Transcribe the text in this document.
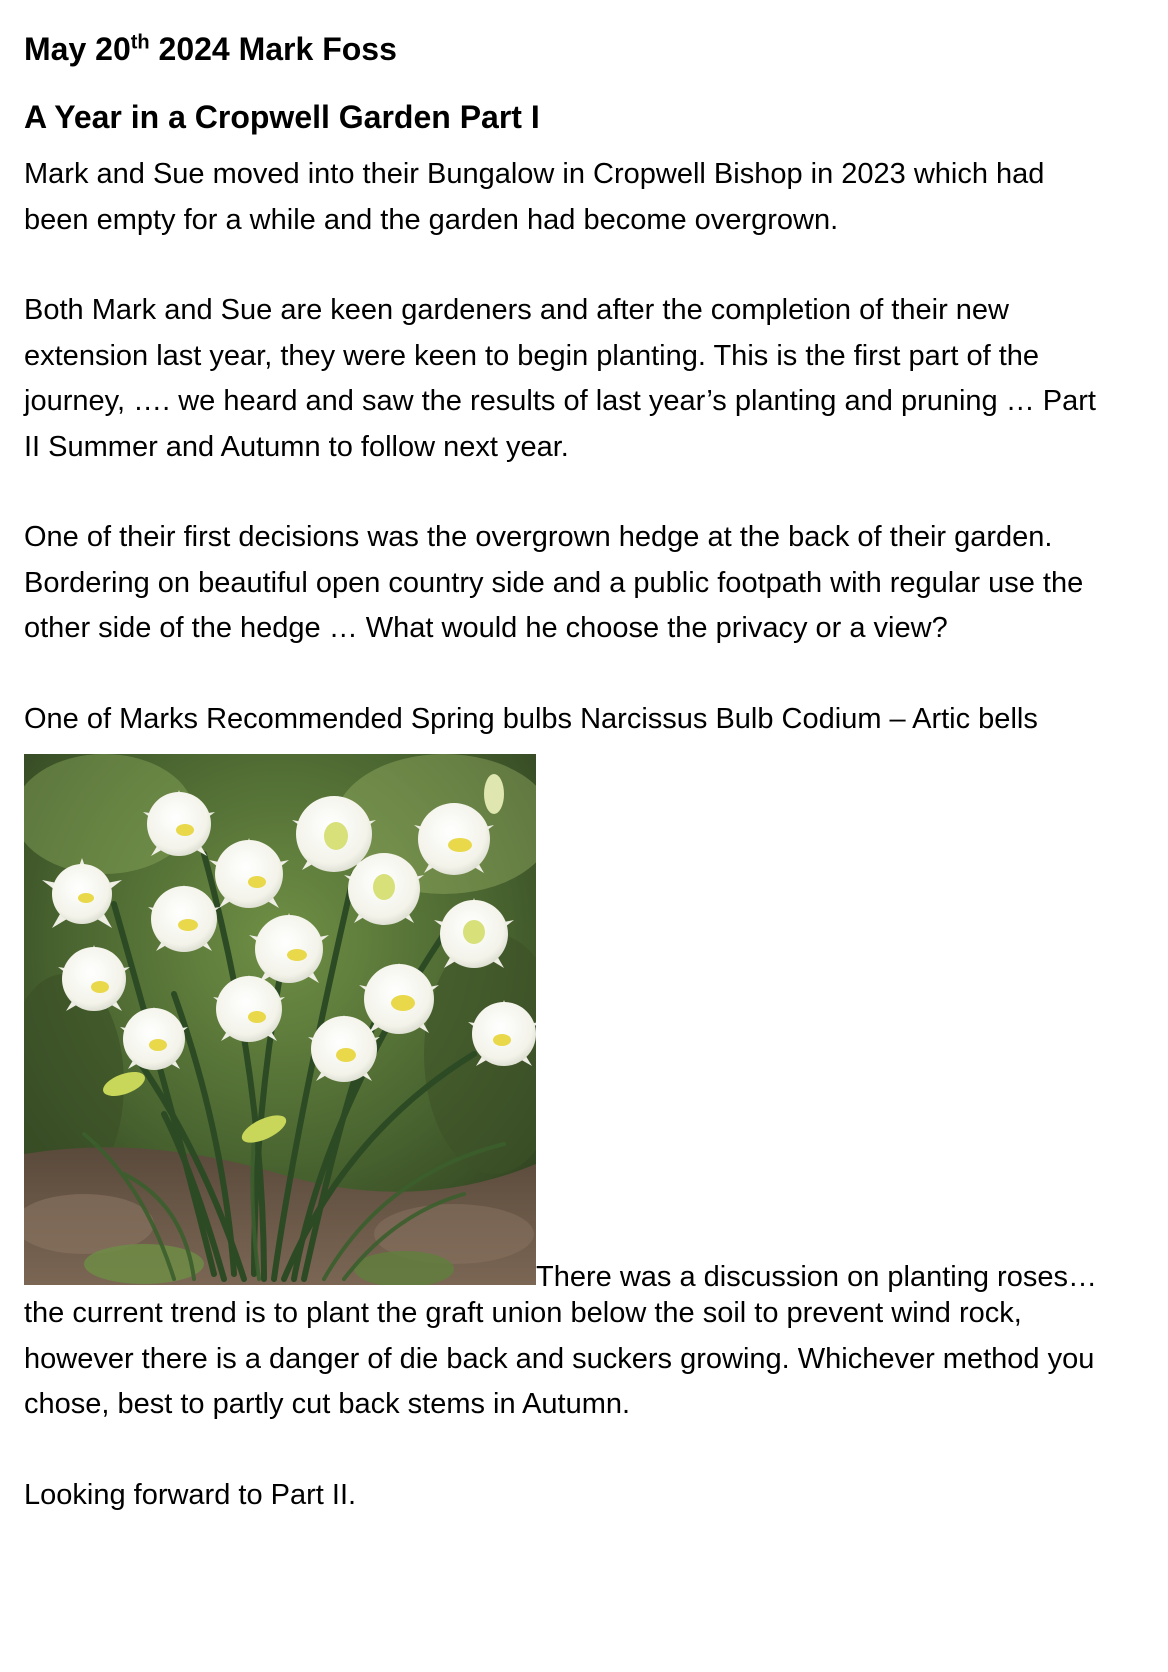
May 20th 2024 Mark Foss
A Year in a Cropwell Garden Part I

Mark and Sue moved into their Bungalow in Cropwell Bishop in 2023 which had been empty for a while and the garden had become overgrown.

Both Mark and Sue are keen gardeners and after the completion of their new extension last year, they were keen to begin planting. This is the first part of the journey, …. we heard and saw the results of last year’s planting and pruning … Part II Summer and Autumn to follow next year.

One of their first decisions was the overgrown hedge at the back of their garden. Bordering on beautiful open country side and a public footpath with regular use the other side of the hedge … What would he choose the privacy or a view?

One of Marks Recommended Spring bulbs Narcissus Bulb Codium – Artic bells

There was a discussion on planting roses…

the current trend is to plant the graft union below the soil to prevent wind rock, however there is a danger of die back and suckers growing. Whichever method you chose, best to partly cut back stems in Autumn.

Looking forward to Part II.
